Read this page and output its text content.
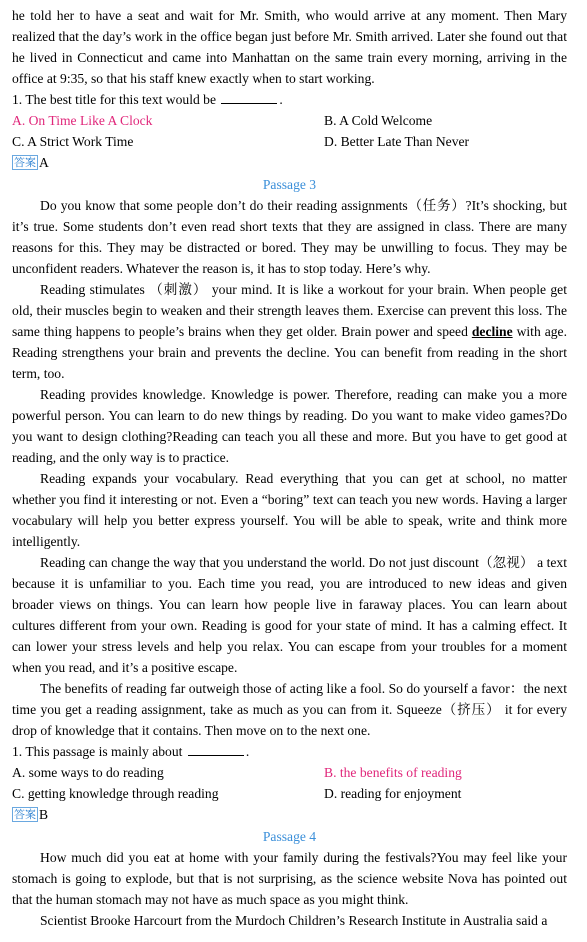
he told her to have a seat and wait for Mr. Smith, who would arrive at any moment. Then Mary realized that the day’s work in the office began just before Mr. Smith arrived. Later she found out that he lived in Connecticut and came into Manhattan on the same train every morning, arriving in the office at 9:35, so that his staff knew exactly when to start working.

1. The best title for this text would be	.
A. On Time Like A Clock	B. A Cold Welcome
C. A Strict Work Time	D. Better Late Than Never
答案 A
Passage 3

Do you know that some people don’t do their reading assignments（任务）?It’s shocking, but it’s true. Some students don’t even read short texts that they are assigned in class. There are many reasons for this. They may be distracted or bored. They may be unwilling to focus. They may be unconfident readers. Whatever the reason is, it has to stop today. Here’s why.

Reading stimulates （刺激） your mind. It is like a workout for your brain. When people get old, their muscles begin to weaken and their strength leaves them. Exercise can prevent this loss. The same thing happens to people’s brains when they get older. Brain power and speed decline with age. Reading strengthens your brain and prevents the decline. You can benefit from reading in the short term, too.

Reading provides knowledge. Knowledge is power. Therefore, reading can make you a more powerful person. You can learn to do new things by reading. Do you want to make video games?Do you want to design clothing?Reading can teach you all these and more. But you have to get good at reading, and the only way is to practice.

Reading expands your vocabulary. Read everything that you can get at school, no matter whether you find it interesting or not. Even a “boring” text can teach you new words. Having a larger vocabulary will help you better express yourself. You will be able to speak, write and think more intelligently.

Reading can change the way that you understand the world. Do not just discount（忽视） a text because it is unfamiliar to you. Each time you read, you are introduced to new ideas and given broader views on things. You can learn how people live in faraway places. You can learn about cultures different from your own. Reading is good for your state of mind. It has a calming effect. It can lower your stress levels and help you relax. You can escape from your troubles for a moment when you read, and it’s a positive escape.

The benefits of reading far outweigh those of acting like a fool. So do yourself a favor：the next time you get a reading assignment, take as much as you can from it. Squeeze（挤压） it for every drop of knowledge that it contains. Then move on to the next one.

1. This passage is mainly about	.
A. some ways to do reading	B. the benefits of reading
C. getting knowledge through reading	D. reading for enjoyment
答案 B
Passage 4

How much did you eat at home with your family during the festivals?You may feel like your stomach is going to explode, but that is not surprising, as the science website Nova has pointed out that the human stomach may not have as much space as you might think.

Scientist Brooke Harcourt from the Murdoch Children’s Research Institute in Australia said a
